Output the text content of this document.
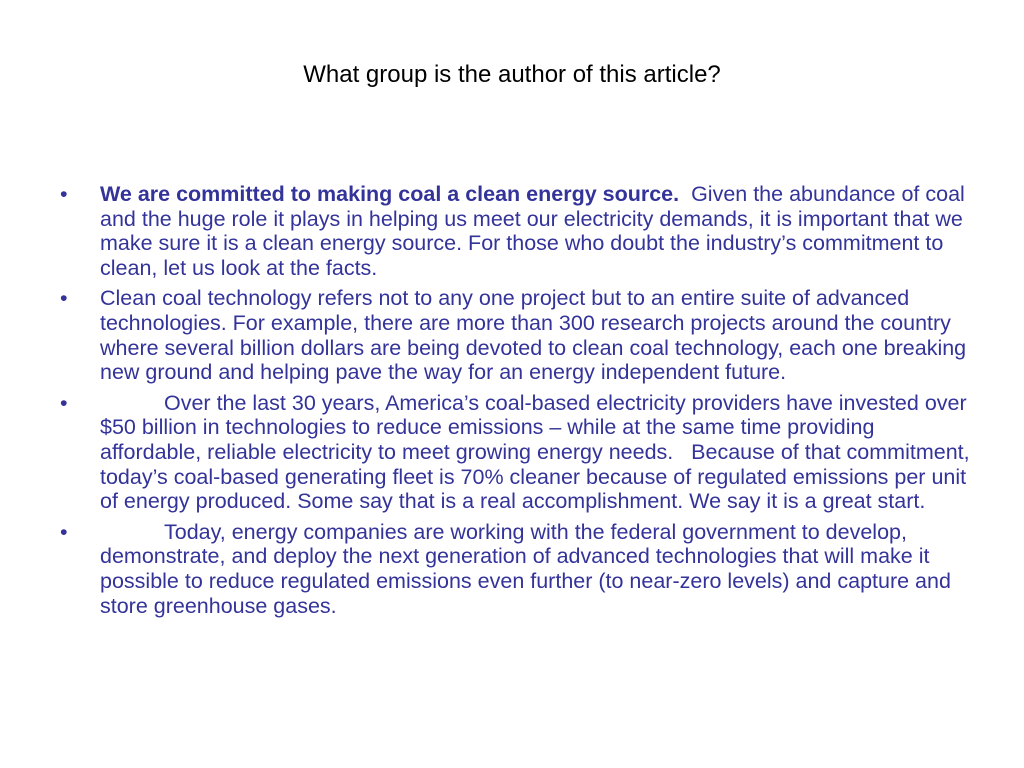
What group is the author of this article?
•	We are committed to making coal a clean energy source.  Given the abundance of coal and the huge role it plays in helping us meet our electricity demands, it is important that we make sure it is a clean energy source. For those who doubt the industry’s commitment to clean, let us look at the facts.
•	Clean coal technology refers not to any one project but to an entire suite of advanced technologies. For example, there are more than 300 research projects around the country where several billion dollars are being devoted to clean coal technology, each one breaking new ground and helping pave the way for an energy independent future.
•	Over the last 30 years, America’s coal-based electricity providers have invested over $50 billion in technologies to reduce emissions – while at the same time providing affordable, reliable electricity to meet growing energy needs.   Because of that commitment, today’s coal-based generating fleet is 70% cleaner because of regulated emissions per unit of energy produced. Some say that is a real accomplishment. We say it is a great start.
•	Today, energy companies are working with the federal government to develop, demonstrate, and deploy the next generation of advanced technologies that will make it possible to reduce regulated emissions even further (to near-zero levels) and capture and store greenhouse gases.
